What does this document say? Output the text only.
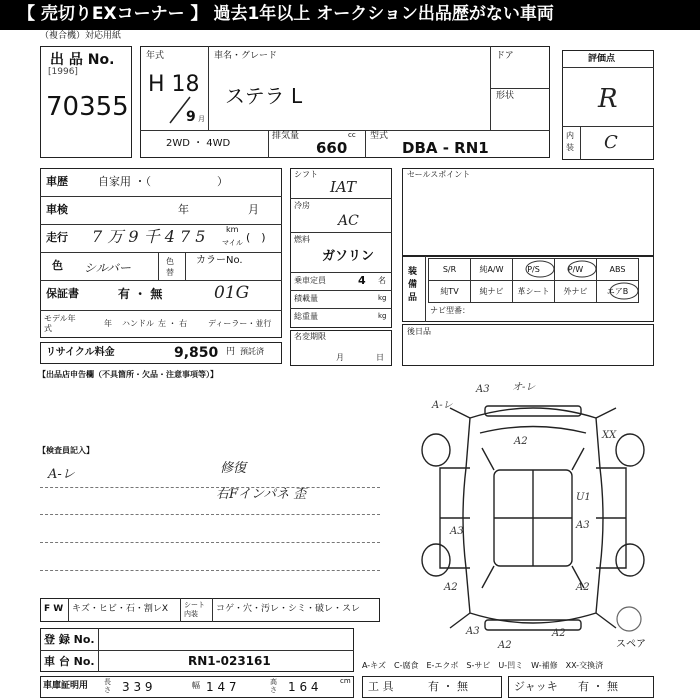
【 売切りEXコーナー 】 過去1年以上 オークション出品歴がない車両
（複合機）対応用紙
出 品 No.
[1996]
70355
年式
H 18
9 月
車名・グレード
ステラ L
ドア
形状
2WD ・ 4WD
排気量	cc
660
型式
DBA - RN1
評価点
R
内装 C
車歴	自家用 ・（　　　　　　）
車検	年	月
走行 7 万 9 千 4 7 5	km
マイル (　)
色 シルバー	色替
カラーNo.
保証書	有 ・ 無	01G
モデル年式
年 ハンドル 左 ・ 右	ディーラー・並行
リサイクル料金	9,850 円 預託済
【出品店申告欄（不具箇所・欠品・注意事項等）】
シフト
IAT
冷房
AC
燃料
ガソリン
乗車定員	4 名
積載量	kg
総重量	kg
名変期限
月	日
セールスポイント
装備品
S/R	純A/W	P/S	P/W	ABS
純TV	純ナビ	革シート	外ナビ	エアB
ナビ型番：
後日品
【検査員記入】
A-レ	修復
右Fインパネ 歪
A3 オ-レ
A-レ
A2
XX
U1
A3
A3
A2	A2
A3	A2
A2	スペア
F W キズ・ヒビ・石・割レX シート内装	コゲ・穴・汚レ・シミ・破レ・スレ
登 録 No.
車 台 No.	RN1-023161	A-キズ　C-腐食　E-エクボ　S-サビ　U-凹ミ　W-補修　XX-交換済
車庫証明用 長さ 3 3 9	幅 1 4 7	高さ 1 6 4	cm 工 具	有 ・ 無	ジャッキ 有 ・ 無
